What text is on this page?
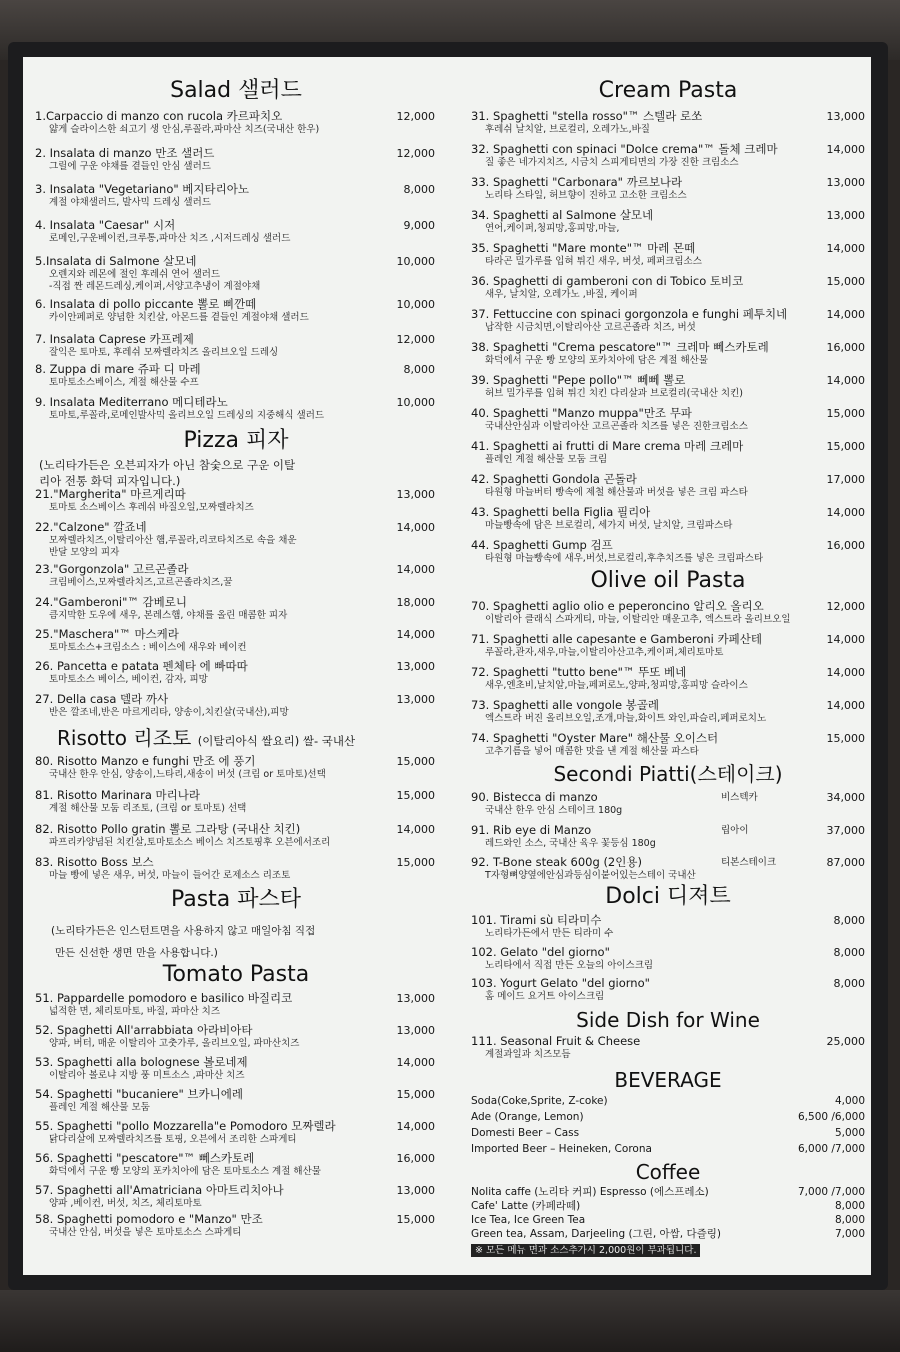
Salad 샐러드
1.Carpaccio di manzo con rucola 카르파치오
얇게 슬라이스한 쇠고기 생 안심,루꼴라,파마산 치즈(국내산 한우)
12,000
2. Insalata di manzo 만조 샐러드
그릴에 구운 야채를 곁들인 안심 샐러드
12,000
3. Insalata "Vegetariano" 베지타리아노
계절 야채샐러드, 발사믹 드레싱 샐러드
8,000
4. Insalata "Caesar" 시저
로메인,구운베이컨,크루통,파마산 치즈 ,시저드레싱 샐러드
9,000
5.Insalata di Salmone 살모네
오렌지와 레몬에 절인 후레쉬 연어 샐러드
-직접 짠 레몬드레싱,케이퍼,서양고추냉이 계절야채
10,000
6. Insalata di pollo piccante 뽈로 삐깐떼
카이안페퍼로 양념한 치킨살, 아몬드를 곁들인 계절야채 샐러드
10,000
7. Insalata Caprese 카프레제
잘익은 토마토, 후레쉬 모짜렐라치즈 올리브오일 드레싱
12,000
8. Zuppa di mare 쥬파 디 마레
토마토소스베이스, 계절 해산물 수프
8,000
9. Insalata Mediterrano 메디테라노
토마토,루꼴라,로메인발사믹 올리브오일 드레싱의 지중해식 샐러드
10,000
Pizza 피자
(노리타가든은 오븐피자가 아닌 참숯으로 구운 이탈
리아 전통 화덕 피자입니다.)
21."Margherita" 마르게리따
토마토 소스베이스 후레쉬 바질오일,모짜렐라치즈
13,000
22."Calzone" 깔죠네
모짜렐라치즈,이탈리아산 햄,루꼴라,리코타치즈로 속을 채운
반달 모양의 피자
14,000
23."Gorgonzola" 고르곤졸라
크림베이스,모짜렐라치즈,고르곤졸라치즈,꿀
14,000
24."Gamberoni"™ 감베로니
큼지막한 도우에 새우, 본레스햄, 야채를 올린 매콤한 피자
18,000
25."Maschera"™ 마스케라
토마토소스+크림소스 : 베이스에 새우와 베이컨
14,000
26. Pancetta e patata 펜체타 에 빠따따
토마토소스 베이스, 베이컨, 감자, 피망
13,000
27. Della casa 델라 까사
반은 깔조네,반은 마르게리타, 양송이,치킨살(국내산),피망
13,000
Risotto 리조토 (이탈리아식 쌀요리) 쌀- 국내산
80. Risotto Manzo e funghi 만조 에 풍기
국내산 한우 안심, 양송이,느타리,새송이 버섯 (크림 or 토마토)선택
15,000
81. Risotto Marinara 마리나라
계절 해산물 모둠 리조토, (크림 or 토마토) 선택
15,000
82. Risotto Pollo gratin 뽈로 그라탕 (국내산 치킨)
파프리카양념된 치킨살,토마토소스 베이스 치즈토핑후 오븐에서조리
14,000
83. Risotto Boss 보스
마늘 빵에 넣은 새우, 버섯, 마늘이 들어간 로제소스 리조토
15,000
Pasta 파스타
(노리타가든은 인스턴트면을 사용하지 않고 매일아침 직접
만든 신선한 생면 만을 사용합니다.)
Tomato Pasta
51. Pappardelle pomodoro e basilico 바질리코
넓적한 면, 체리토마토, 바질, 파마산 치즈
13,000
52. Spaghetti All'arrabbiata 아라비아타
양파, 버터, 매운 이탈리아 고춧가루, 올리브오일, 파마산치즈
13,000
53. Spaghetti alla bolognese 볼로네제
이탈리아 볼로냐 지방 풍 미트소스 ,파마산 치즈
14,000
54. Spaghetti "bucaniere" 브카니에레
플레인 계절 해산물 모둠
15,000
55. Spaghetti "pollo Mozzarella"e Pomodoro 모짜렐라
닭다리살에 모짜렐라치즈를 토핑, 오븐에서 조리한 스파게티
14,000
56. Spaghetti "pescatore"™ 뻬스카토레
화덕에서 구운 빵 모양의 포카치아에 담은 토마토소스 계절 해산물
16,000
57. Spaghetti all'Amatriciana 아마트리치아나
양파 ,베이컨, 버섯, 치즈, 체리토마토
13,000
58. Spaghetti pomodoro e "Manzo" 만조
국내산 안심, 버섯을 넣은 토마토소스 스파게티
15,000
Cream Pasta
31. Spaghetti "stella rosso"™ 스텔라 로쏘
후레쉬 날치알, 브로컬리, 오레가노,바질
13,000
32. Spaghetti con spinaci "Dolce crema"™ 돌체 크레마
질 좋은 네가지치즈, 시금치 스피게티면의 가장 진한 크림소스
14,000
33. Spaghetti "Carbonara" 까르보나라
노리타 스타일, 허브향이 진하고 고소한 크림소스
13,000
34. Spaghetti al Salmone 살모네
연어,케이퍼,청피망,홍피망,마늘,
13,000
35. Spaghetti "Mare monte"™ 마레 몬떼
타라곤 밀가루를 입혀 튀긴 새우, 버섯, 페퍼크림소스
14,000
36. Spaghetti di gamberoni con di Tobico 토비코
새우, 날치알, 오레가노 ,바질, 케이퍼
15,000
37. Fettuccine con spinaci gorgonzola e funghi 페투치네
납작한 시금치면,이탈리아산 고르곤졸라 치즈, 버섯
14,000
38. Spaghetti "Crema pescatore"™ 크레마 뻬스카토레
화덕에서 구운 빵 모양의 포카치아에 담은 계절 해산물
16,000
39. Spaghetti "Pepe pollo"™ 뻬뻬 뽈로
허브 밀가루를 입혀 튀긴 치킨 다리살과 브로컬리(국내산 치킨)
14,000
40. Spaghetti "Manzo muppa"만조 무파
국내산안심과 이탈리아산 고르곤졸라 치즈를 넣은 진한크림소스
15,000
41. Spaghetti ai frutti di Mare crema 마레 크레마
플레인 계절 해산물 모둠 크림
15,000
42. Spaghetti Gondola 곤돌라
타원형 마늘버터 빵속에 제철 해산물과 버섯을 넣은 크림 파스타
17,000
43. Spaghetti bella Figlia 필리아
마늘빵속에 담은 브로컬리, 세가지 버섯, 날치알, 크림파스타
14,000
44. Spaghetti Gump 검프
타원형 마늘빵속에 새우,버섯,브로컬리,후추치즈를 넣은 크림파스타
16,000
Olive oil Pasta
70. Spaghetti aglio olio e peperoncino 알리오 올리오
이탈리아 클래식 스파게티, 마늘, 이탈리안 매운고추, 엑스트라 올리브오일
12,000
71. Spaghetti alle capesante e Gamberoni 카페산테
루꼴라,관자,새우,마늘,이탈리아산고추,케이퍼,체리토마토
14,000
72. Spaghetti "tutto bene"™ 뚜또 베네
새우,엔초비,날치알,마늘,페퍼로노,양파,청피망,홍피망 슬라이스
14,000
73. Spaghetti alle vongole 봉골레
엑스트라 버진 올리브오일,조개,마늘,화이트 와인,파슬리,페퍼로치노
14,000
74. Spaghetti "Oyster Mare" 해산물 오이스터
고추기름을 넣어 매콤한 맛을 낸 계절 해산물 파스타
15,000
Secondi Piatti(스테이크)
90. Bistecca di manzo	비스텍카
국내산 한우 안심 스테이크 180g
34,000
91. Rib eye di Manzo	립아이
레드와인 소스, 국내산 육우 꽃등심 180g
37,000
92. T-Bone steak 600g (2인용)	티본스테이크
T자형뼈양옆에안심과등심이붙어있는스테이 국내산
87,000
Dolci 디져트
101. Tirami sù 티라미수
노리타가든에서 만든 티라미 수
8,000
102. Gelato "del giorno"
노리타에서 직접 만든 오늘의 아이스크림
8,000
103. Yogurt Gelato "del giorno"
홈 메이드 요거트 아이스크림
8,000
Side Dish for Wine
111. Seasonal Fruit & Cheese
계절과일과 치즈모듬
25,000
BEVERAGE
Soda(Coke,Sprite, Z-coke)	4,000
Ade (Orange, Lemon)	6,500 /6,000
Domesti Beer – Cass	5,000
Imported Beer – Heineken, Corona	6,000 /7,000
Coffee
Nolita caffe (노리타 커피) Espresso (에스프레소)	7,000 /7,000
Cafe' Latte (카페라떼)	8,000
Ice Tea, Ice Green Tea	8,000
Green tea, Assam, Darjeeling (그린, 아쌈, 다즐링)	7,000
※ 모든 메뉴 면과 소스추가시 2,000원이 부과됩니다.
